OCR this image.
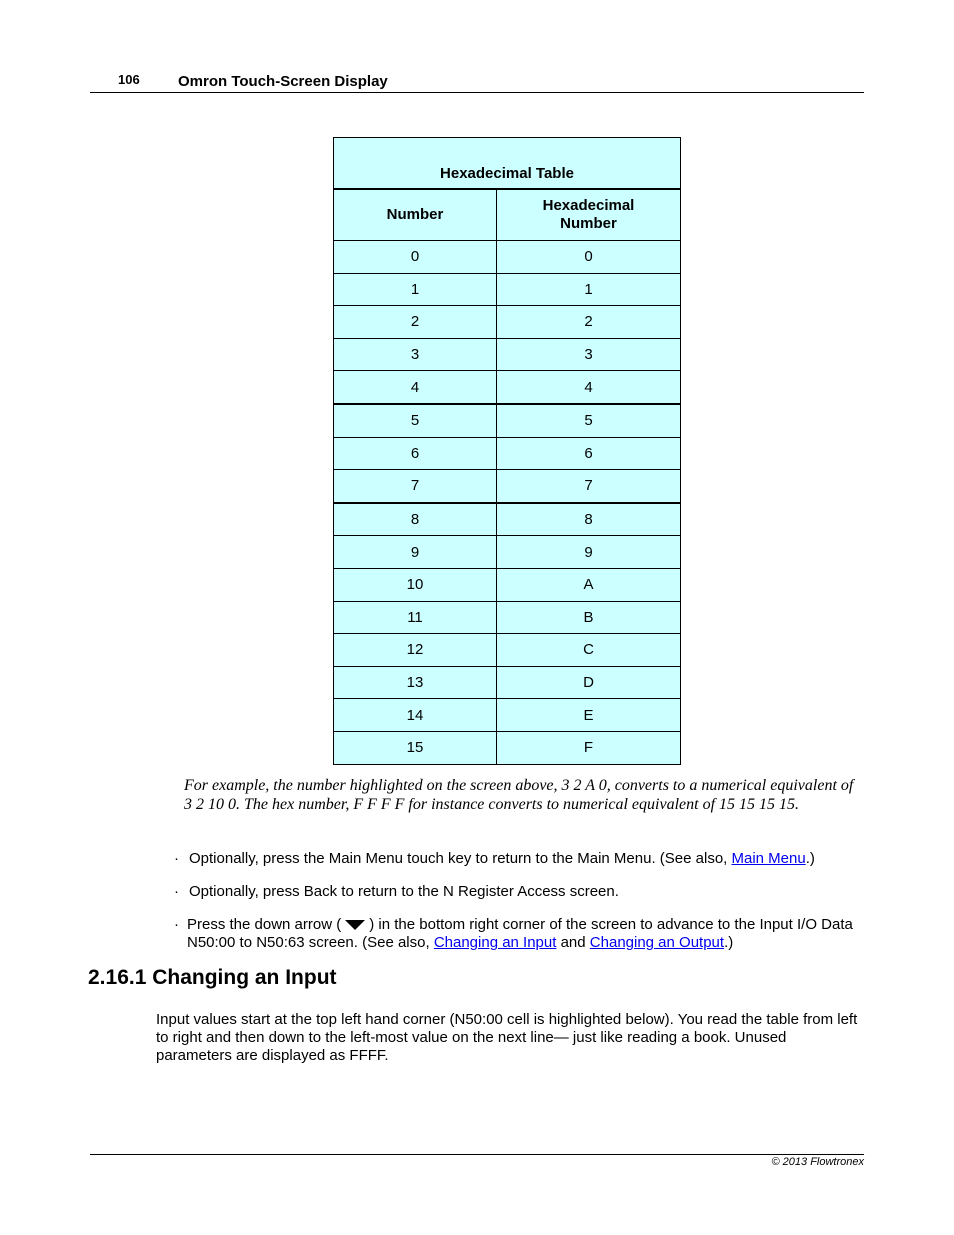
106	Omron Touch-Screen Display
Hexadecimal Table	
Number	Hexadecimal Number
0	0
1	1
2	2
3	3
4	4
5	5
6	6
7	7
8	8
9	9
10	A
11	B
12	C
13	D
14	E
15	F
For example, the number highlighted on the screen above, 3 2 A 0, converts to a numerical equivalent of
3 2 10 0. The hex number, F F F F for instance converts to numerical equivalent of 15 15 15 15.
· Optionally, press the Main Menu touch key to return to the Main Menu. (See also, Main Menu.)
· Optionally, press Back to return to the N Register Access screen.
· Press the down arrow ( ) in the bottom right corner of the screen to advance to the Input I/O Data N50:00 to N50:63 screen. (See also, Changing an Input and Changing an Output.)
2.16.1 Changing an Input
Input values start at the top left hand corner (N50:00 cell is highlighted below). You read the table from left to right and then down to the left-most value on the next line— just like reading a book. Unused parameters are displayed as FFFF.
© 2013 Flowtronex
